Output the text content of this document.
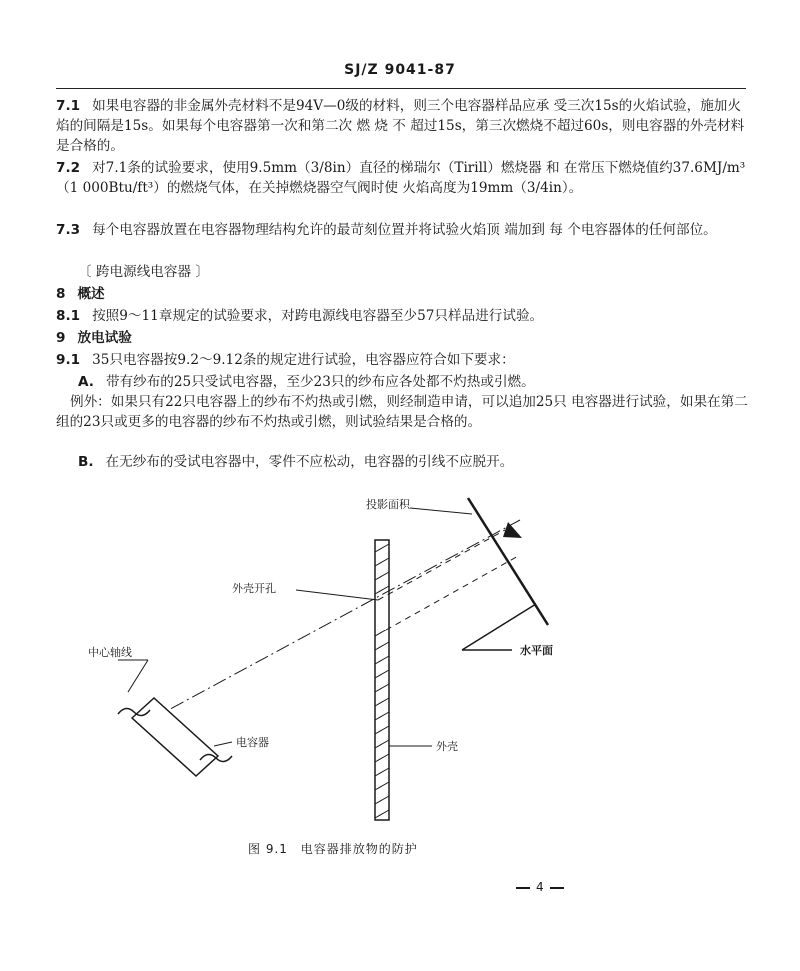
SJ/Z 9041-87

7.1 如果电容器的非金属外壳材料不是94V—0级的材料，则三个电容器样品应承 受三次15s的火焰试验，施加火焰的间隔是15s。如果每个电容器第一次和第二次 燃 烧 不 超过15s，第三次燃烧不超过60s，则电容器的外壳材料是合格的。

7.2 对7.1条的试验要求，使用9.5mm（3/8in）直径的梯瑞尔（Tirill）燃烧器 和 在常压下燃烧值约37.6MJ/m³（1 000Btu/ft³）的燃烧气体，在关掉燃烧器空气阀时使 火焰高度为19mm（3/4in）。

7.3 每个电容器放置在电容器物理结构允许的最苛刻位置并将试验火焰顶 端加到 每 个电容器体的任何部位。

〔 跨电源线电容器 〕

8 概述

8.1 按照9～11章规定的试验要求，对跨电源线电容器至少57只样品进行试验。

9 放电试验

9.1 35只电容器按9.2～9.12条的规定进行试验，电容器应符合如下要求：

A. 带有纱布的25只受试电容器，至少23只的纱布应各处都不灼热或引燃。

例外：如果只有22只电容器上的纱布不灼热或引燃，则经制造申请，可以追加25只 电容器进行试验，如果在第二组的23只或更多的电容器的纱布不灼热或引燃，则试验结果是合格的。

B. 在无纱布的受试电容器中，零件不应松动，电容器的引线不应脱开。

投影面积
外壳开孔
水平面
中心轴线
电容器	外壳
图 9.1 电容器排放物的防护
4
